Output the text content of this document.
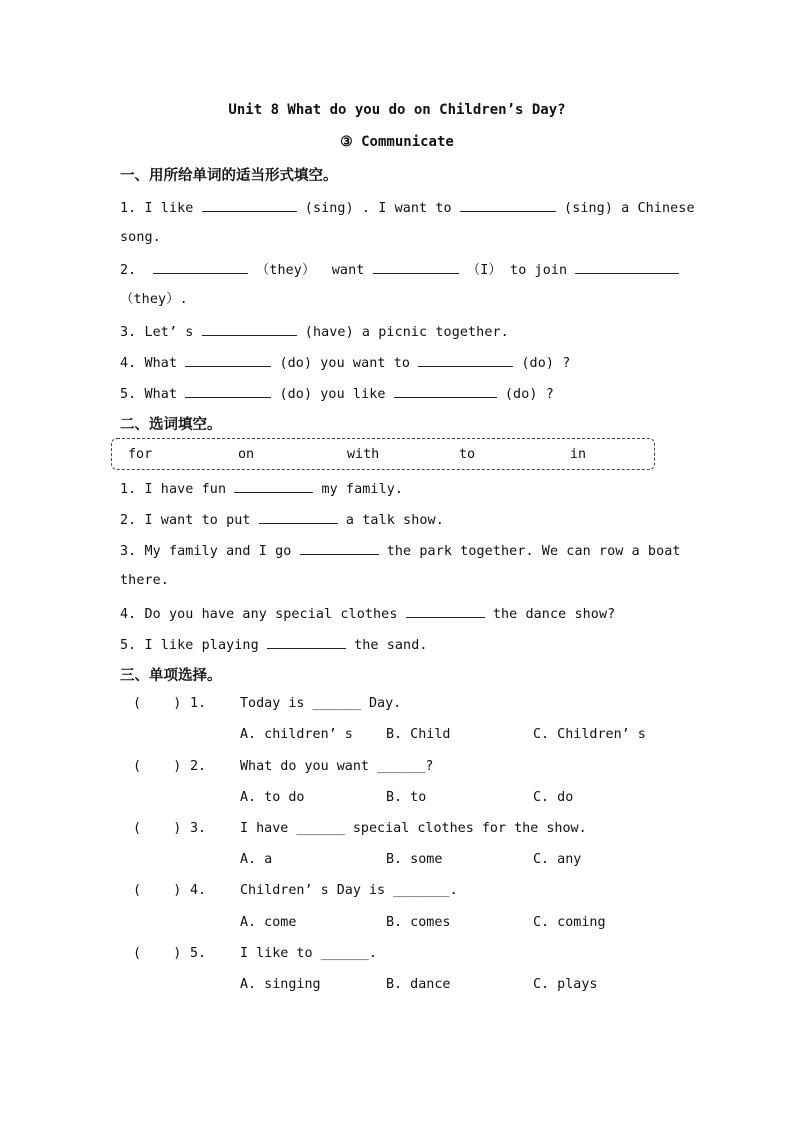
Unit 8 What do you do on Children’s Day?
③ Communicate
一、用所给单词的适当形式填空。
1. I like	(sing) . I want to	(sing) a Chinese
song.
2.	（they）  want	（I） to join
（they）.
3. Let’ s	(have) a picnic together.
4. What	(do) you want to	(do) ?
5. What	(do) you like	(do) ?
二、选词填空。
for	on	with	to	in
1. I have fun	my family.
2. I want to put	a talk show.
3. My family and I go	the park together. We can row a boat
there.
4. Do you have any special clothes	the dance show?
5. I like playing	the sand.
三、单项选择。
(    ) 1.	Today is ______ Day.
A. children’ s B. Child	C. Children’ s
(    ) 2.	What do you want ______?
A. to do	B. to	C. do
(    ) 3.	I have ______ special clothes for the show.
A. a	B. some	C. any
(    ) 4.	Children’ s Day is _______.
A. come	B. comes	C. coming
(    ) 5.	I like to ______.
A. singing	B. dance	C. plays
